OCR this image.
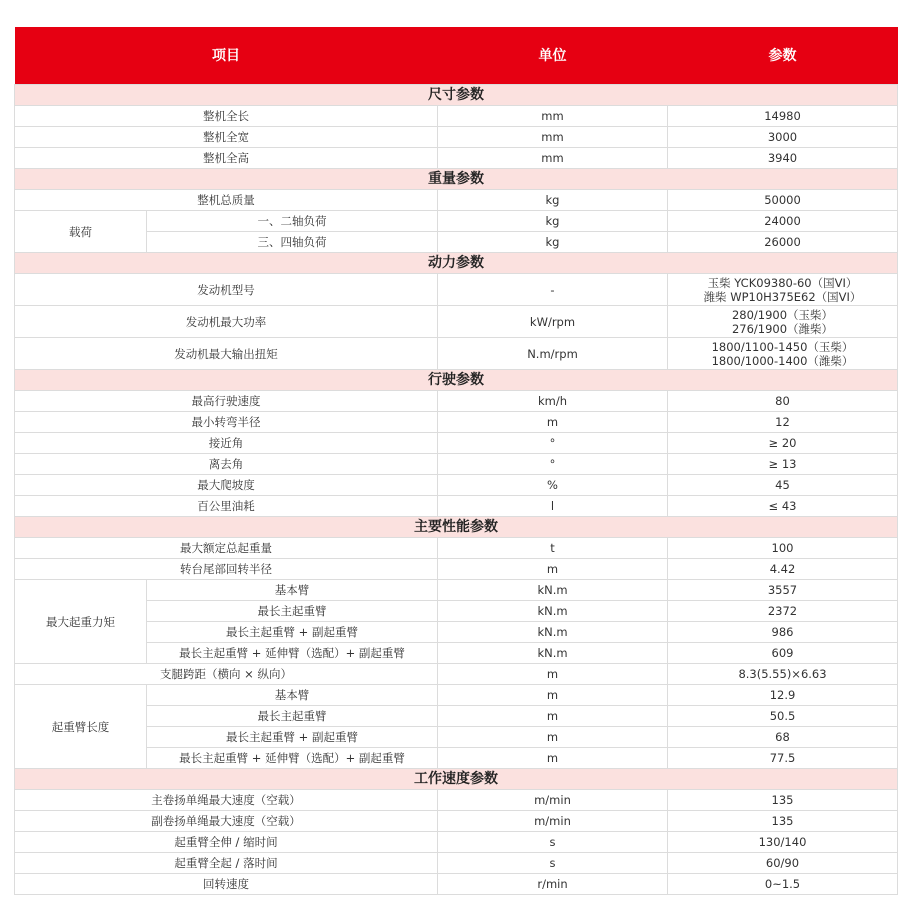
项目		单位	参数
尺寸参数			
整机全长		mm	14980
整机全宽		mm	3000
整机全高		mm	3940
重量参数			
整机总质量		kg	50000
载荷	一、二轴负荷	kg	24000
	三、四轴负荷	kg	26000
动力参数			
发动机型号		-	玉柴 YCK09380-60（国VI）
潍柴 WP10H375E62（国VI）

发动机最大功率		kW/rpm	280/1900（玉柴）
276/1900（潍柴）

发动机最大输出扭矩		N.m/rpm	1800/1100-1450（玉柴）
1800/1000-1400（潍柴）

行驶参数			
最高行驶速度		km/h	80
最小转弯半径		m	12
接近角		°	≥ 20
离去角		°	≥ 13
最大爬坡度		%	45
百公里油耗		l	≤ 43
主要性能参数			
最大额定总起重量		t	100
转台尾部回转半径		m	4.42
最大起重力矩	基本臂	kN.m	3557
	最长主起重臂	kN.m	2372
	最长主起重臂 + 副起重臂	kN.m	986
	最长主起重臂 + 延伸臂（选配）+ 副起重臂	kN.m	609
支腿跨距（横向 × 纵向）		m	8.3(5.55)×6.63
起重臂长度	基本臂	m	12.9
	最长主起重臂	m	50.5
	最长主起重臂 + 副起重臂	m	68
	最长主起重臂 + 延伸臂（选配）+ 副起重臂	m	77.5
工作速度参数			
主卷扬单绳最大速度（空载）		m/min	135
副卷扬单绳最大速度（空载）		m/min	135
起重臂全伸 / 缩时间		s	130/140
起重臂全起 / 落时间		s	60/90
回转速度		r/min	0~1.5
